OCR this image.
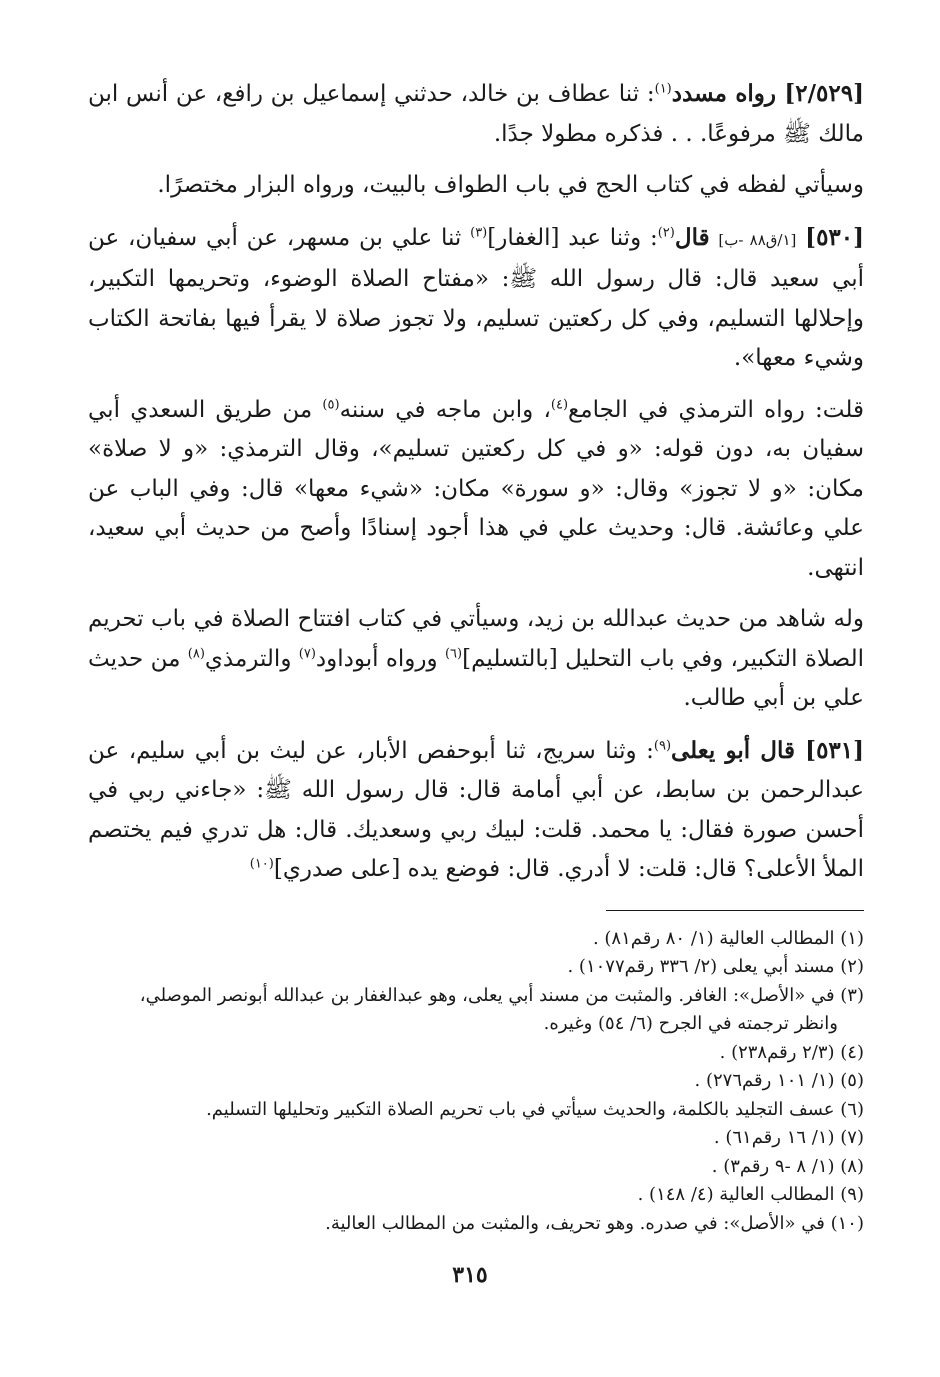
[٢/٥٢٩] رواه مسدد$^{(١)}$: ثنا عطاف بن خالد، حدثني إسماعيل بن رافع، عن أنس ابن مالك ﷺ مرفوعًا. . . فذكره مطولا جدًا.

وسيأتي لفظه في كتاب الحج في باب الطواف بالبيت، ورواه البزار مختصرًا.

[٥٣٠] [١/ق٨٨ -ب] قال$^{(٢)}$: وثنا عبد [الغفار]$^{(٣)}$ ثنا علي بن مسهر، عن أبي سفيان، عن أبي سعيد قال: قال رسول الله ﷺ: «مفتاح الصلاة الوضوء، وتحريمها التكبير، وإحلالها التسليم، وفي كل ركعتين تسليم، ولا تجوز صلاة لا يقرأ فيها بفاتحة الكتاب وشيء معها».

قلت: رواه الترمذي في الجامع$^{(٤)}$، وابن ماجه في سننه$^{(٥)}$ من طريق السعدي أبي سفيان به، دون قوله: «و في كل ركعتين تسليم»، وقال الترمذي: «و لا صلاة» مكان: «و لا تجوز» وقال: «و سورة» مكان: «شيء معها» قال: وفي الباب عن علي وعائشة. قال: وحديث علي في هذا أجود إسنادًا وأصح من حديث أبي سعيد، انتهى.

وله شاهد من حديث عبدالله بن زيد، وسيأتي في كتاب افتتاح الصلاة في باب تحريم الصلاة التكبير، وفي باب التحليل [بالتسليم]$^{(٦)}$ ورواه أبوداود$^{(٧)}$ والترمذي$^{(٨)}$ من حديث علي بن أبي طالب.

[٥٣١] قال أبو يعلى$^{(٩)}$: وثنا سريج، ثنا أبوحفص الأبار، عن ليث بن أبي سليم، عن عبدالرحمن بن سابط، عن أبي أمامة قال: قال رسول الله ﷺ: «جاءني ربي في أحسن صورة فقال: يا محمد. قلت: لبيك ربي وسعديك. قال: هل تدري فيم يختصم الملأ الأعلى؟ قال: قلت: لا أدري. قال: فوضع يده [على صدري]$^{(١٠)}$

(١) المطالب العالية (١/ ٨٠ رقم٨١) .

(٢) مسند أبي يعلى (٢/ ٣٣٦ رقم١٠٧٧) .

(٣) في «الأصل»: الغافر. والمثبت من مسند أبي يعلى، وهو عبدالغفار بن عبدالله أبونصر الموصلي،
وانظر ترجمته في الجرح (٦/ ٥٤) وغيره.

(٤) (٢/٣ رقم٢٣٨) .

(٥) (١/ ١٠١ رقم٢٧٦) .

(٦) عسف التجليد بالكلمة، والحديث سيأتي في باب تحريم الصلاة التكبير وتحليلها التسليم.

(٧) (١/ ١٦ رقم٦١) .

(٨) (١/ ٨ -٩ رقم٣) .

(٩) المطالب العالية (٤/ ١٤٨) .

(١٠) في «الأصل»: في صدره. وهو تحريف، والمثبت من المطالب العالية.

٣١٥
